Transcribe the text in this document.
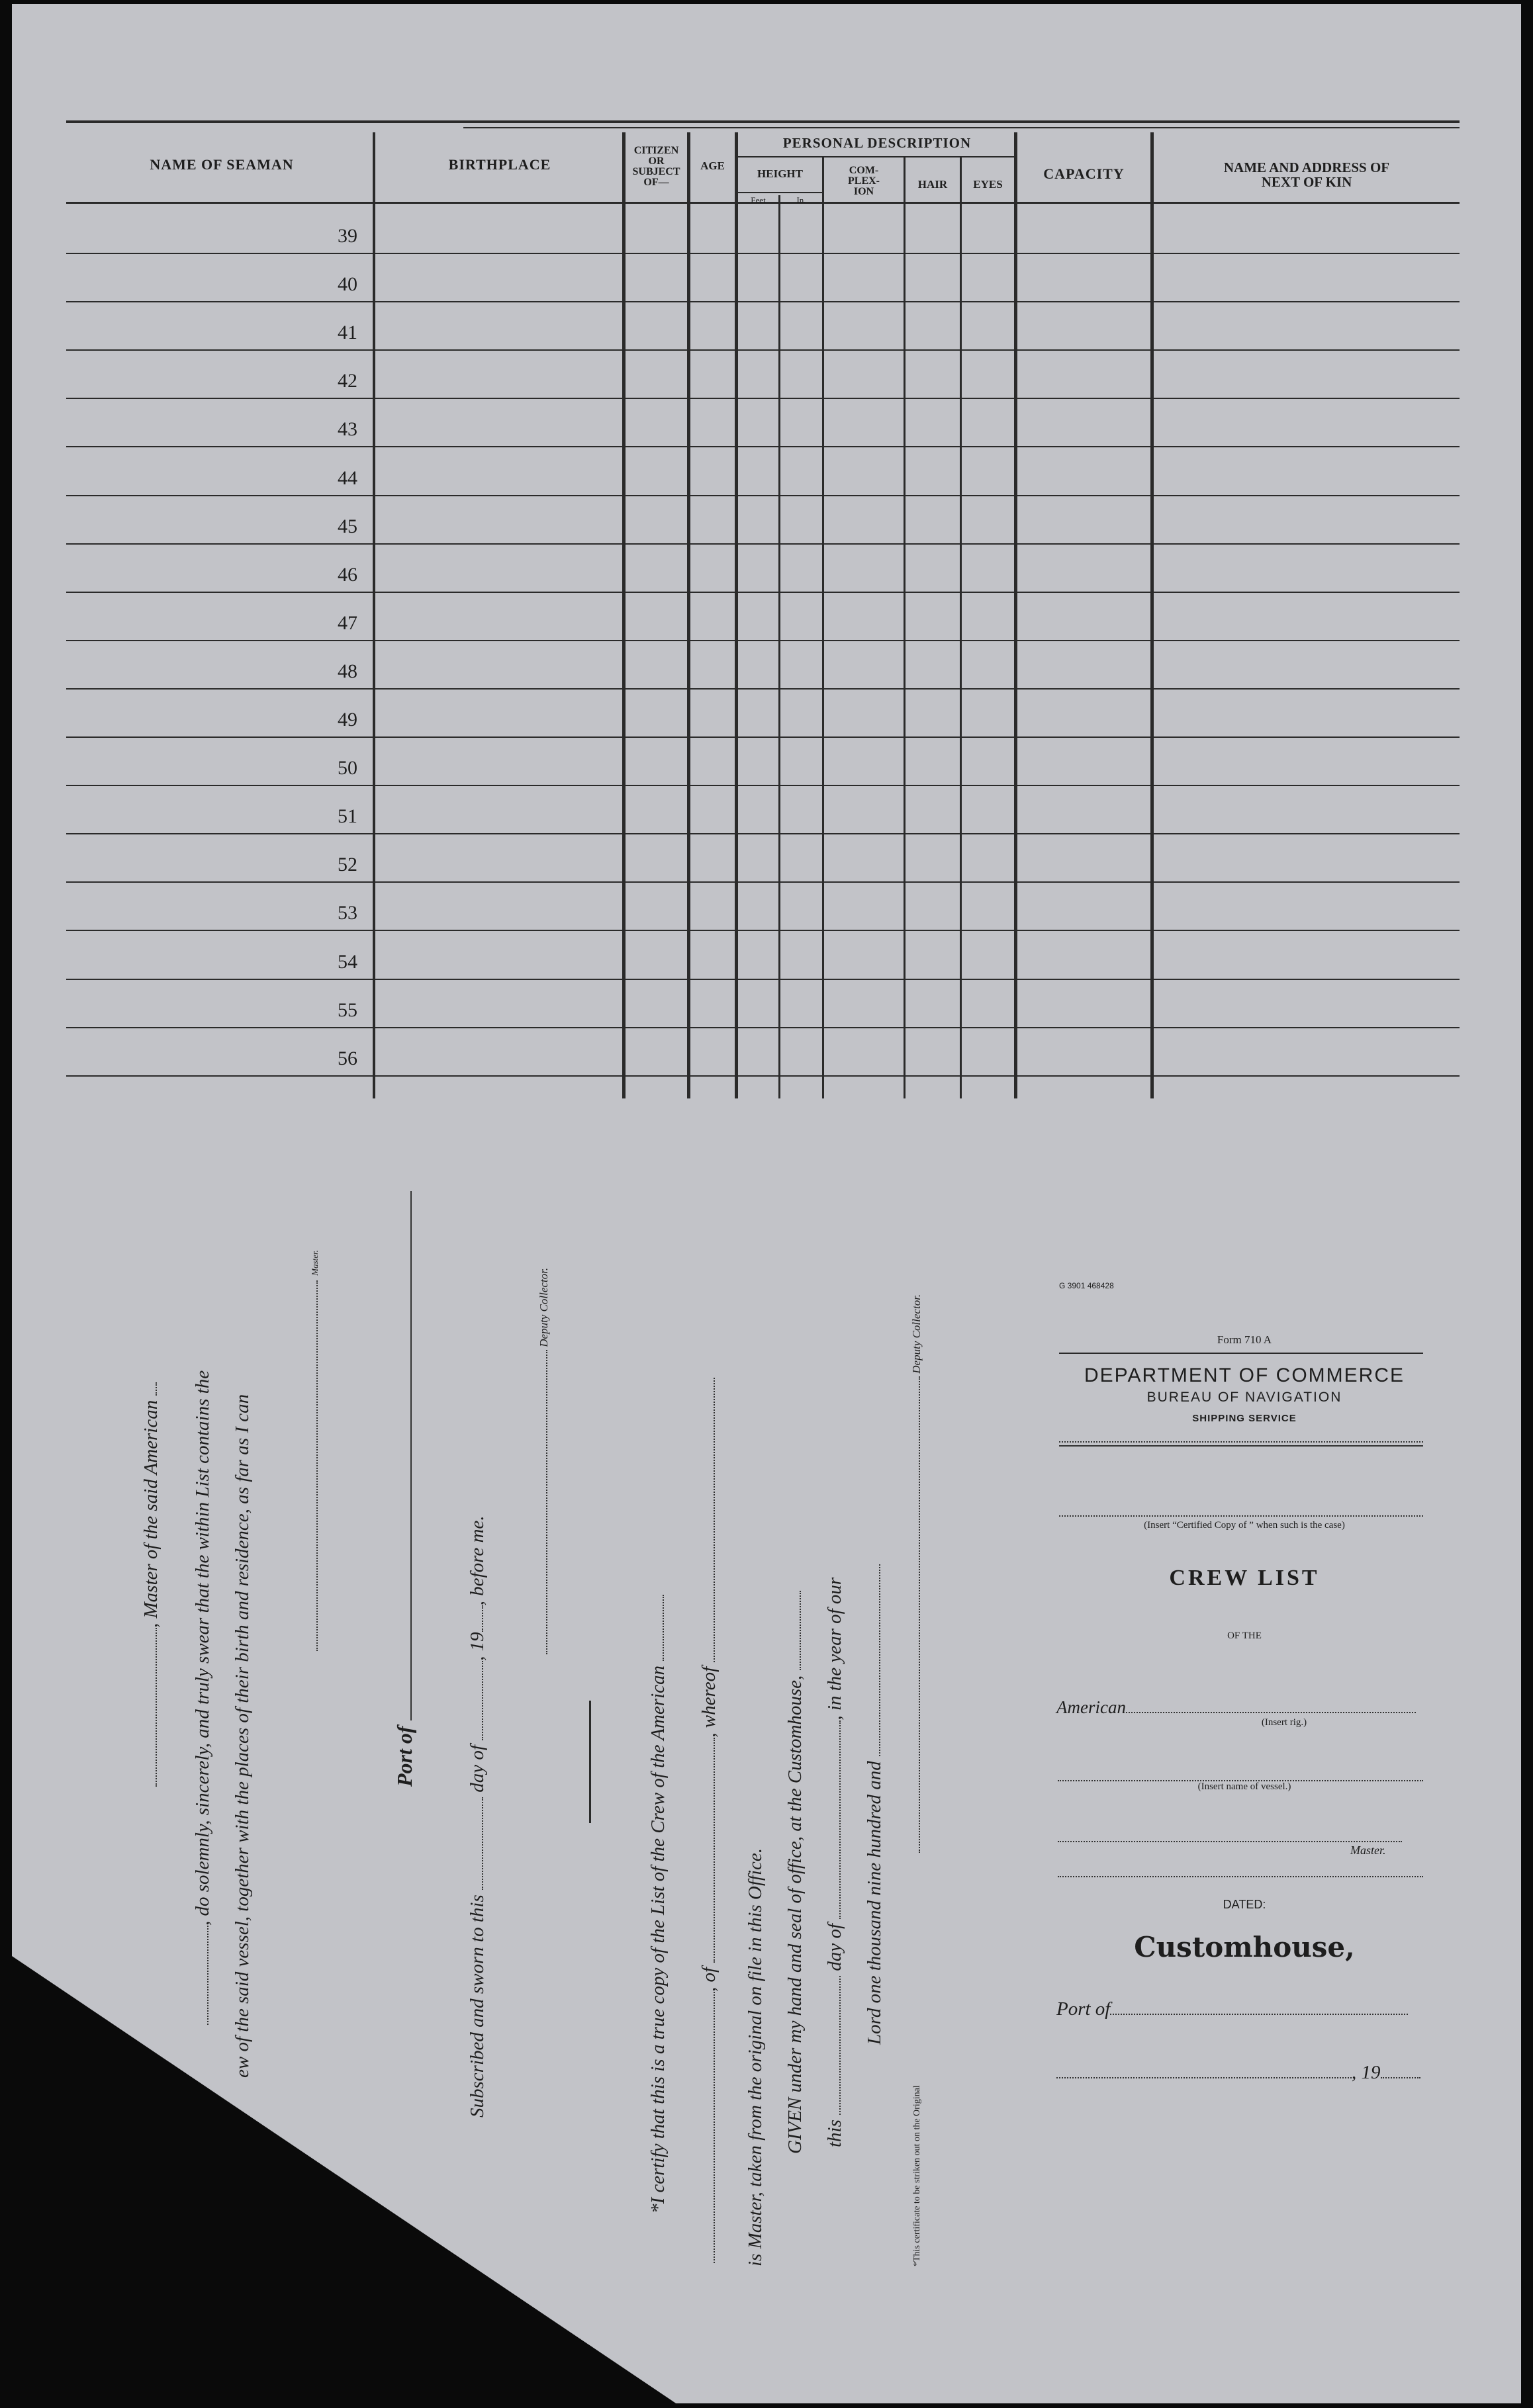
NAME OF SEAMAN	BIRTHPLACE
CITIZEN
OR
SUBJECT
OF—
AGE
PERSONAL DESCRIPTION
HEIGHT
Feet	In.
COM-
PLEX-
ION
HAIR	EYES
CAPACITY	NAME AND ADDRESS OF
NEXT OF KIN
39
40
41
42
43
44
45
46
47
48
49
50
51
52
53
54
55
56
, Master of the said American , do solemnly, sincerely, and truly swear that the within List contains the ew of the said vessel, together with the places of their birth and residence, as far as I can
Master.
Port of
Subscribed and sworn to this  day of , 19, before me.
Deputy Collector.
*I certify that this is a true copy of the List of the Crew of the American
, of , whereof
is Master, taken from the original on file in this Office. GIVEN under my hand and seal of office, at the Customhouse, this  day of , in the year of our
Lord one thousand nine hundred and
Deputy Collector.
*This certificate to be striken out on the Original
G 3901 468428
Form 710 A
DEPARTMENT OF COMMERCE
BUREAU OF NAVIGATION
SHIPPING SERVICE
(Insert “Certified Copy of ” when such is the case)
CREW LIST
OF THE
American
(Insert rig.)
(Insert name of vessel.)
Master.
DATED:
Customhouse,
Port of
, 19
